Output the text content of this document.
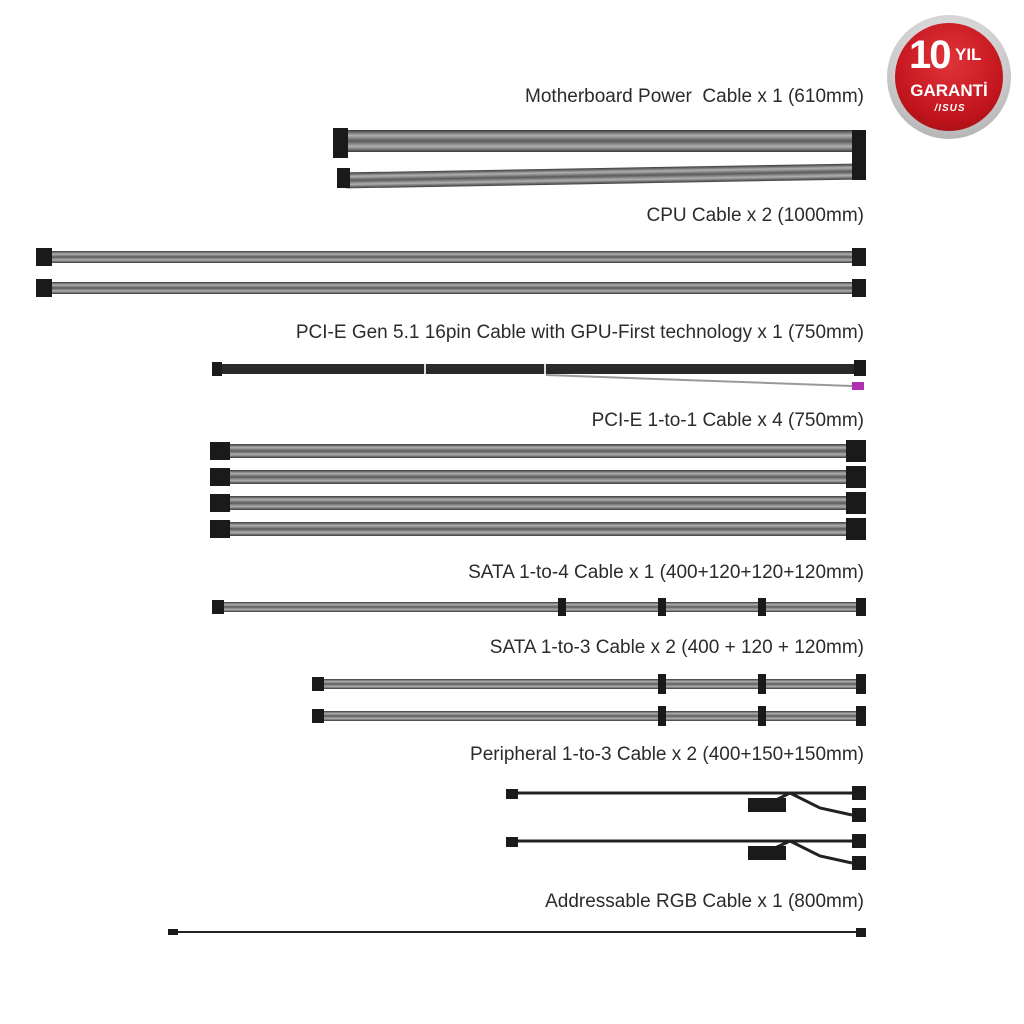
10 YIL
GARANTİ
/ISUS
Motherboard Power  Cable x 1 (610mm)
CPU Cable x 2 (1000mm)
PCI-E Gen 5.1 16pin Cable with GPU-First technology x 1 (750mm)
PCI-E 1-to-1 Cable x 4 (750mm)
SATA 1-to-4 Cable x 1 (400+120+120+120mm)
SATA 1-to-3 Cable x 2 (400 + 120 + 120mm)
Peripheral 1-to-3 Cable x 2 (400+150+150mm)
Addressable RGB Cable x 1 (800mm)
